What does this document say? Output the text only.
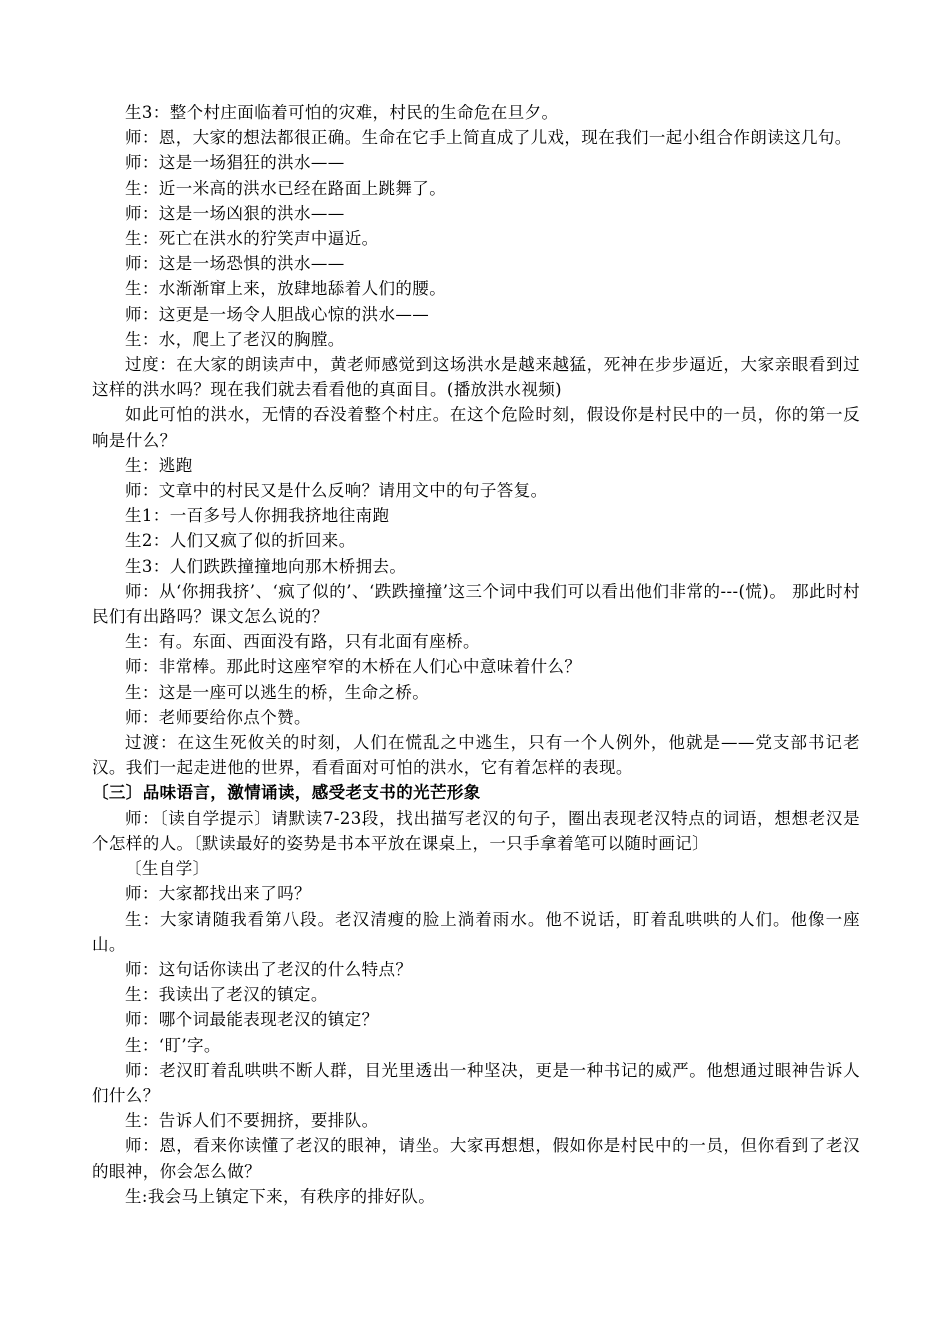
生3：整个村庄面临着可怕的灾难，村民的生命危在旦夕。

师：恩，大家的想法都很正确。生命在它手上简直成了儿戏，现在我们一起小组合作朗读这几句。

师：这是一场猖狂的洪水——

生：近一米高的洪水已经在路面上跳舞了。

师：这是一场凶狠的洪水——

生：死亡在洪水的狞笑声中逼近。

师：这是一场恐惧的洪水——

生：水渐渐窜上来，放肆地舔着人们的腰。

师：这更是一场令人胆战心惊的洪水——

生：水，爬上了老汉的胸膛。

过度：在大家的朗读声中，黄老师感觉到这场洪水是越来越猛，死神在步步逼近，大家亲眼看到过这样的洪水吗？现在我们就去看看他的真面目。(播放洪水视频)

如此可怕的洪水，无情的吞没着整个村庄。在这个危险时刻，假设你是村民中的一员，你的第一反响是什么？

生：逃跑

师：文章中的村民又是什么反响？请用文中的句子答复。

生1：一百多号人你拥我挤地往南跑

生2：人们又疯了似的折回来。

生3：人们跌跌撞撞地向那木桥拥去。

师：从‘你拥我挤’、‘疯了似的’、‘跌跌撞撞’这三个词中我们可以看出他们非常的---(慌)。 那此时村民们有出路吗？课文怎么说的？

生：有。东面、西面没有路，只有北面有座桥。

师：非常棒。那此时这座窄窄的木桥在人们心中意味着什么？

生：这是一座可以逃生的桥，生命之桥。

师：老师要给你点个赞。

过渡：在这生死攸关的时刻，人们在慌乱之中逃生，只有一个人例外，他就是——党支部书记老汉。我们一起走进他的世界，看看面对可怕的洪水，它有着怎样的表现。

〔三〕品味语言，激情诵读，感受老支书的光芒形象

师：〔读自学提示〕请默读7-23段，找出描写老汉的句子，圈出表现老汉特点的词语，想想老汉是个怎样的人。〔默读最好的姿势是书本平放在课桌上，一只手拿着笔可以随时画记〕

〔生自学〕

师：大家都找出来了吗？

生：大家请随我看第八段。老汉清瘦的脸上淌着雨水。他不说话，盯着乱哄哄的人们。他像一座山。

师：这句话你读出了老汉的什么特点？

生：我读出了老汉的镇定。

师：哪个词最能表现老汉的镇定？

生：‘盯’字。

师：老汉盯着乱哄哄不断人群，目光里透出一种坚决，更是一种书记的威严。他想通过眼神告诉人们什么？

生：告诉人们不要拥挤，要排队。

师：恩，看来你读懂了老汉的眼神，请坐。大家再想想，假如你是村民中的一员，但你看到了老汉的眼神，你会怎么做？

生:我会马上镇定下来，有秩序的排好队。
